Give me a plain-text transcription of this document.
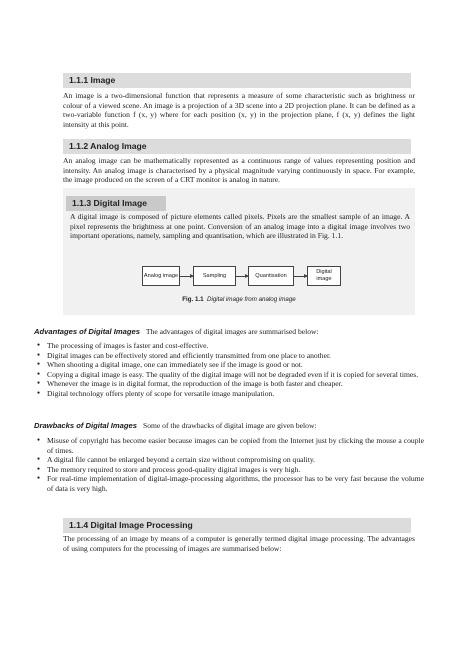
1.1.1 Image

An image is a two-dimensional function that represents a measure of some characteristic such as brightness or colour of a viewed scene. An image is a projection of a 3D scene into a 2D projection plane. It can be defined as a two-variable function f (x, y) where for each position (x, y) in the projection plane, f (x, y) defines the light intensity at this point.

1.1.2 Analog Image

An analog image can be mathematically represented as a continuous range of values representing position and intensity. An analog image is characterised by a physical magnitude varying continuously in space. For example, the image produced on the screen of a CRT monitor is analog in nature.

1.1.3 Digital Image

A digital image is composed of picture elements called pixels. Pixels are the smallest sample of an image. A pixel represents the brightness at one point. Conversion of an analog image into a digital image involves two important operations, namely, sampling and quantisation, which are illustrated in Fig. 1.1.

Analog image	Sampling	Quantisation
Digital image
Fig. 1.1 Digital image from analog image
Advantages of Digital Images The advantages of digital images are summarised below:
● The processing of images is faster and cost-effective.
● Digital images can be effectively stored and efficiently transmitted from one place to another.
● When shooting a digital image, one can immediately see if the image is good or not.
● Copying a digital image is easy. The quality of the digital image will not be degraded even if it is copied for several times.
● Whenever the image is in digital format, the reproduction of the image is both faster and cheaper.
● Digital technology offers plenty of scope for versatile image manipulation.
Drawbacks of Digital Images Some of the drawbacks of digital image are given below:
● Misuse of copyright has become easier because images can be copied from the Internet just by clicking the mouse a couple of times.
● A digital file cannot be enlarged beyond a certain size without compromising on quality.
● The memory required to store and process good-quality digital images is very high.
● For real-time implementation of digital-image-processing algorithms, the processor has to be very fast because the volume of data is very high.
1.1.4 Digital Image Processing

The processing of an image by means of a computer is generally termed digital image processing. The advantages of using computers for the processing of images are summarised below:
